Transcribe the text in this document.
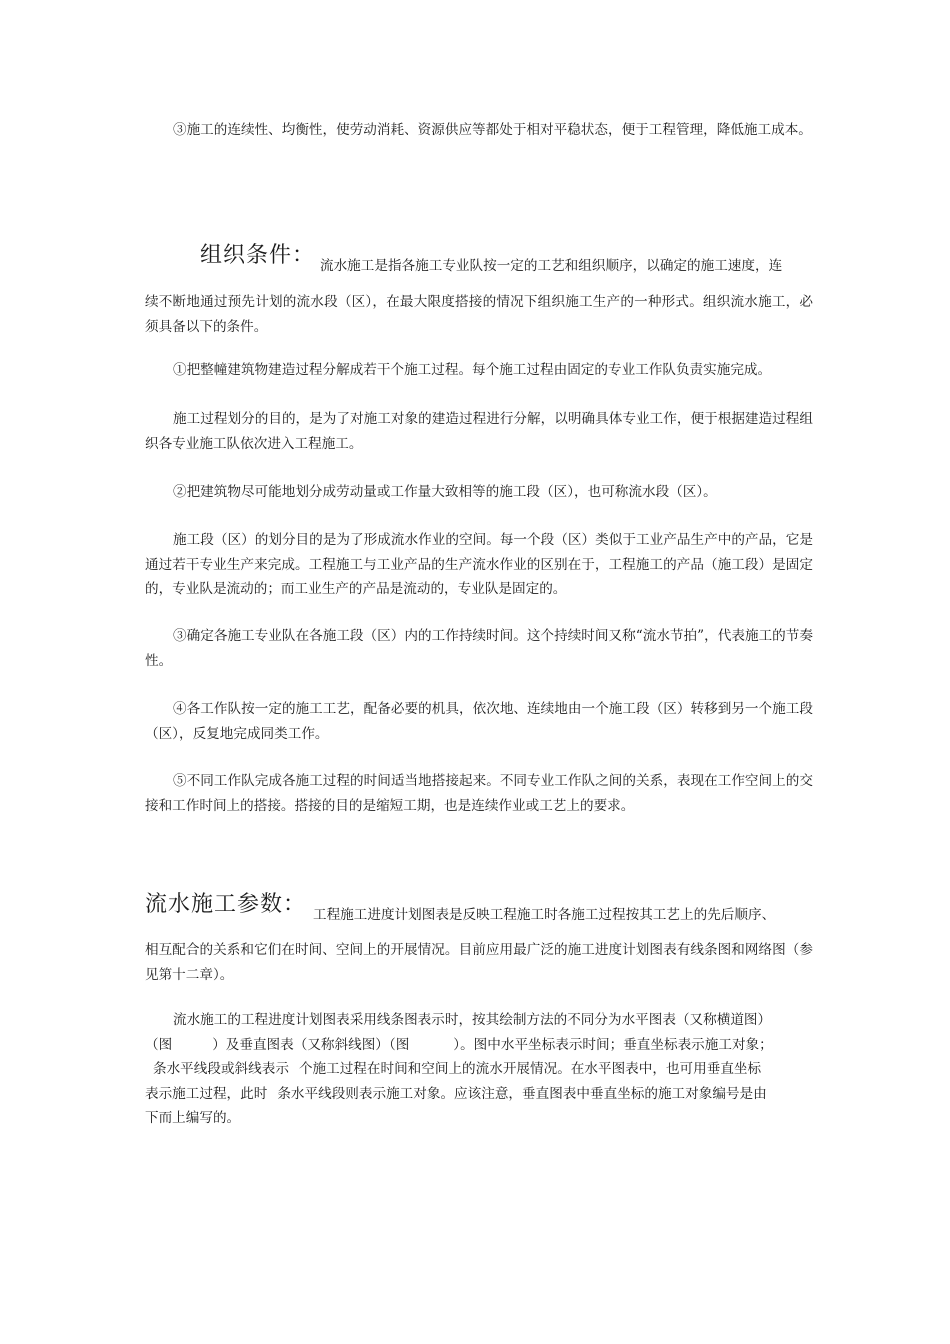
③施工的连续性、均衡性，使劳动消耗、资源供应等都处于相对平稳状态，便于工程管理，降低施工成本。

组织条件： 流水施工是指各施工专业队按一定的工艺和组织顺序，以确定的施工速度，连

续不断地通过预先计划的流水段（区），在最大限度搭接的情况下组织施工生产的一种形式。组织流水施工，必须具备以下的条件。

①把整幢建筑物建造过程分解成若干个施工过程。每个施工过程由固定的专业工作队负责实施完成。

施工过程划分的目的，是为了对施工对象的建造过程进行分解，以明确具体专业工作，便于根据建造过程组织各专业施工队依次进入工程施工。

②把建筑物尽可能地划分成劳动量或工作量大致相等的施工段（区），也可称流水段（区）。

施工段（区）的划分目的是为了形成流水作业的空间。每一个段（区）类似于工业产品生产中的产品，它是通过若干专业生产来完成。工程施工与工业产品的生产流水作业的区别在于，工程施工的产品（施工段）是固定的，专业队是流动的；而工业生产的产品是流动的，专业队是固定的。

③确定各施工专业队在各施工段（区）内的工作持续时间。这个持续时间又称“流水节拍”，代表施工的节奏性。

④各工作队按一定的施工工艺，配备必要的机具，依次地、连续地由一个施工段（区）转移到另一个施工段（区），反复地完成同类工作。

⑤不同工作队完成各施工过程的时间适当地搭接起来。不同专业工作队之间的关系，表现在工作空间上的交接和工作时间上的搭接。搭接的目的是缩短工期，也是连续作业或工艺上的要求。

流水施工参数： 工程施工进度计划图表是反映工程施工时各施工过程按其工艺上的先后顺序、

相互配合的关系和它们在时间、空间上的开展情况。目前应用最广泛的施工进度计划图表有线条图和网络图（参见第十二章）。

流水施工的工程进度计划图表采用线条图表示时，按其绘制方法的不同分为水平图表（又称横道图）
（图	）及垂直图表（又称斜线图）（图	）。图中水平坐标表示时间；垂直坐标表示施工对象；
条水平线段或斜线表示 个施工过程在时间和空间上的流水开展情况。在水平图表中，也可用垂直坐标
表示施工过程，此时 条水平线段则表示施工对象。应该注意，垂直图表中垂直坐标的施工对象编号是由
下而上编写的。
